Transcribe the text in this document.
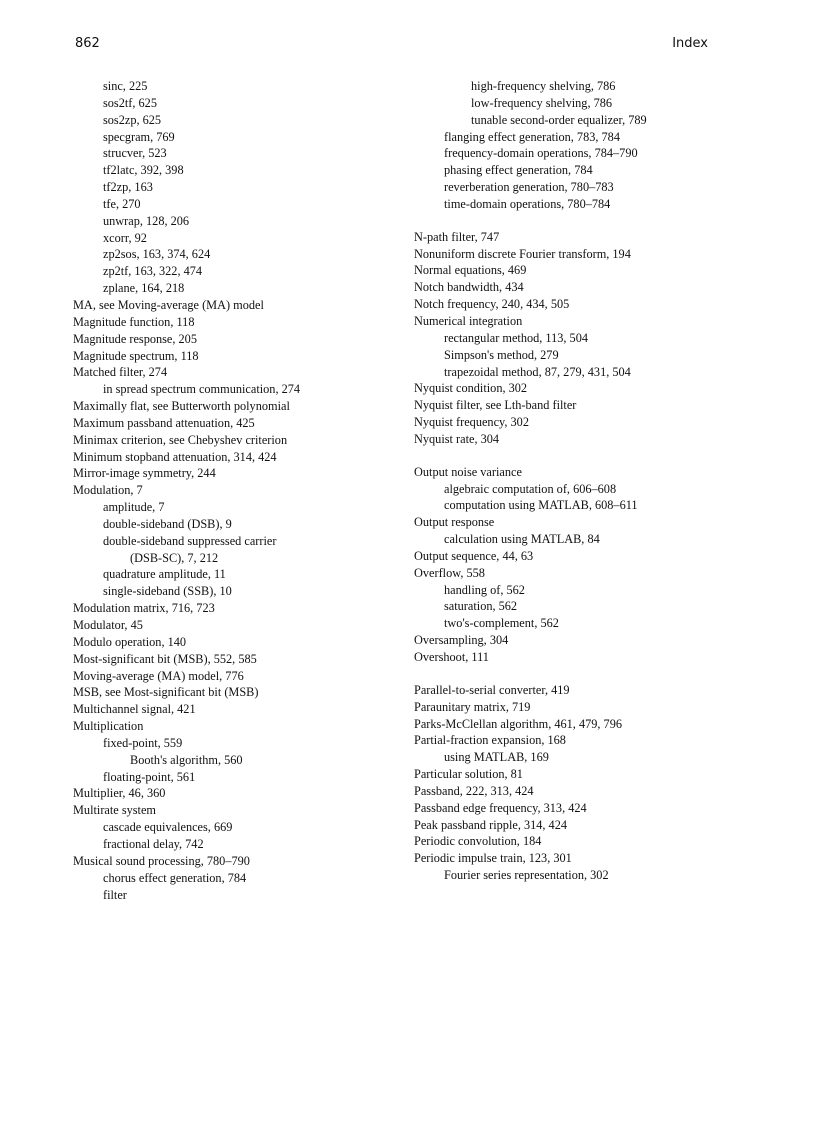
862	Index
sinc, 225
sos2tf, 625
sos2zp, 625
specgram, 769
strucver, 523
tf2latc, 392, 398
tf2zp, 163
tfe, 270
unwrap, 128, 206
xcorr, 92
zp2sos, 163, 374, 624
zp2tf, 163, 322, 474
zplane, 164, 218
MA, see Moving-average (MA) model
Magnitude function, 118
Magnitude response, 205
Magnitude spectrum, 118
Matched filter, 274
in spread spectrum communication, 274
Maximally flat, see Butterworth polynomial
Maximum passband attenuation, 425
Minimax criterion, see Chebyshev criterion
Minimum stopband attenuation, 314, 424
Mirror-image symmetry, 244
Modulation, 7
amplitude, 7
double-sideband (DSB), 9
double-sideband suppressed carrier
(DSB-SC), 7, 212
quadrature amplitude, 11
single-sideband (SSB), 10
Modulation matrix, 716, 723
Modulator, 45
Modulo operation, 140
Most-significant bit (MSB), 552, 585
Moving-average (MA) model, 776
MSB, see Most-significant bit (MSB)
Multichannel signal, 421
Multiplication
fixed-point, 559
Booth's algorithm, 560
floating-point, 561
Multiplier, 46, 360
Multirate system
cascade equivalences, 669
fractional delay, 742
Musical sound processing, 780–790
chorus effect generation, 784
filter
high-frequency shelving, 786
low-frequency shelving, 786
tunable second-order equalizer, 789
flanging effect generation, 783, 784
frequency-domain operations, 784–790
phasing effect generation, 784
reverberation generation, 780–783
time-domain operations, 780–784
N-path filter, 747
Nonuniform discrete Fourier transform, 194
Normal equations, 469
Notch bandwidth, 434
Notch frequency, 240, 434, 505
Numerical integration
rectangular method, 113, 504
Simpson's method, 279
trapezoidal method, 87, 279, 431, 504
Nyquist condition, 302
Nyquist filter, see Lth-band filter
Nyquist frequency, 302
Nyquist rate, 304
Output noise variance
algebraic computation of, 606–608
computation using MATLAB, 608–611
Output response
calculation using MATLAB, 84
Output sequence, 44, 63
Overflow, 558
handling of, 562
saturation, 562
two's-complement, 562
Oversampling, 304
Overshoot, 111
Parallel-to-serial converter, 419
Paraunitary matrix, 719
Parks-McClellan algorithm, 461, 479, 796
Partial-fraction expansion, 168
using MATLAB, 169
Particular solution, 81
Passband, 222, 313, 424
Passband edge frequency, 313, 424
Peak passband ripple, 314, 424
Periodic convolution, 184
Periodic impulse train, 123, 301
Fourier series representation, 302
